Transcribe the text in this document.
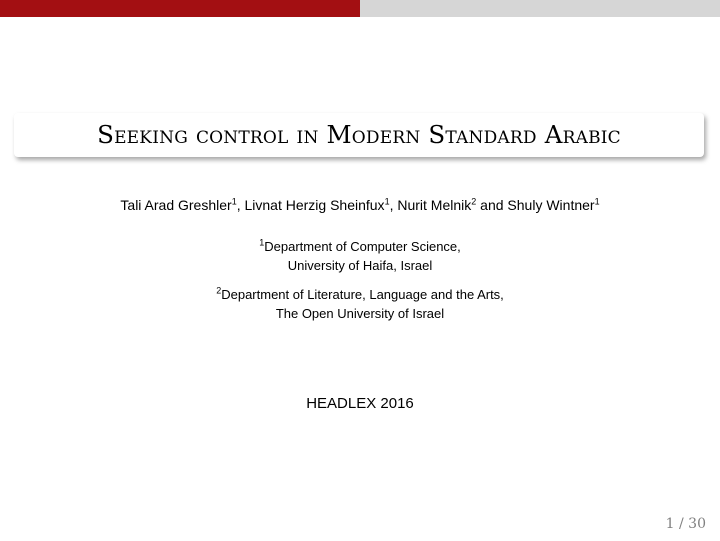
Seeking control in Modern Standard Arabic
Tali Arad Greshler$^1$, Livnat Herzig Sheinfux$^1$, Nurit Melnik$^2$ and Shuly Wintner$^1$
$^1$Department of Computer Science,
University of Haifa, Israel
$^2$Department of Literature, Language and the Arts,
The Open University of Israel
HEADLEX 2016
1 / 30
